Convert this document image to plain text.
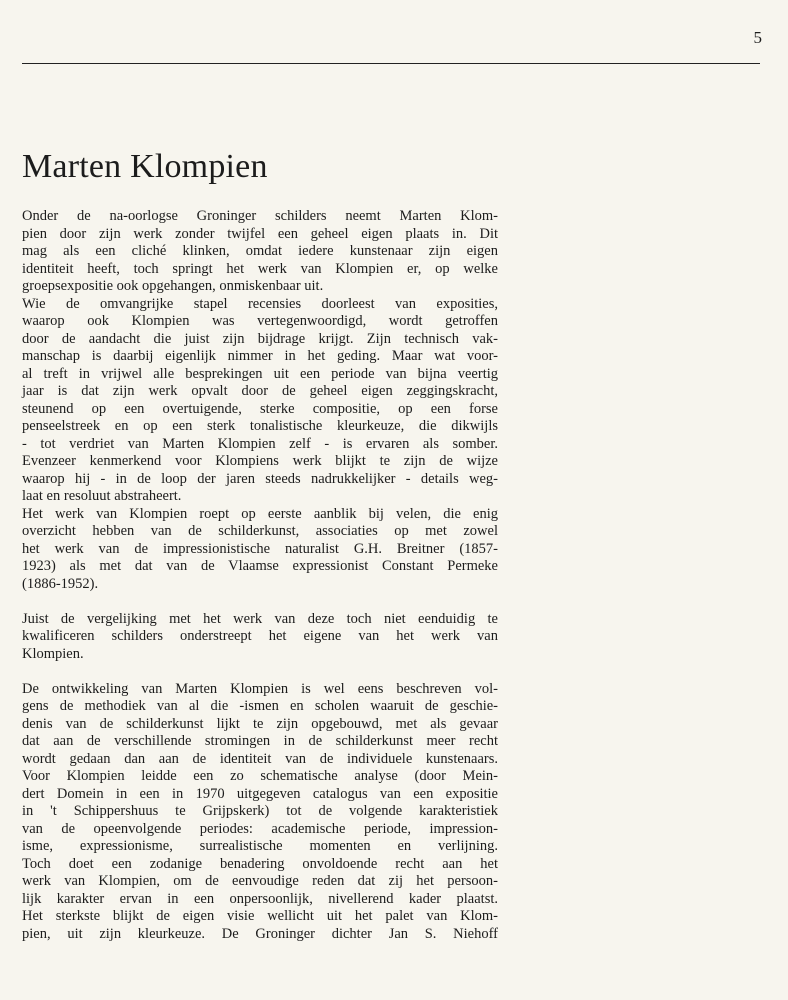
5
Marten Klompien
Onder de na-oorlogse Groninger schilders neemt Marten Klom-
pien door zijn werk zonder twijfel een geheel eigen plaats in. Dit
mag als een cliché klinken, omdat iedere kunstenaar zijn eigen
identiteit heeft, toch springt het werk van Klompien er, op welke
groepsexpositie ook opgehangen, onmiskenbaar uit.
Wie de omvangrijke stapel recensies doorleest van exposities,
waarop ook Klompien was vertegenwoordigd, wordt getroffen
door de aandacht die juist zijn bijdrage krijgt. Zijn technisch vak-
manschap is daarbij eigenlijk nimmer in het geding. Maar wat voor-
al treft in vrijwel alle besprekingen uit een periode van bijna veertig
jaar is dat zijn werk opvalt door de geheel eigen zeggingskracht,
steunend op een overtuigende, sterke compositie, op een forse
penseelstreek en op een sterk tonalistische kleurkeuze, die dikwijls
- tot verdriet van Marten Klompien zelf - is ervaren als somber.
Evenzeer kenmerkend voor Klompiens werk blijkt te zijn de wijze
waarop hij - in de loop der jaren steeds nadrukkelijker - details weg-
laat en resoluut abstraheert.
Het werk van Klompien roept op eerste aanblik bij velen, die enig
overzicht hebben van de schilderkunst, associaties op met zowel
het werk van de impressionistische naturalist G.H. Breitner (1857-
1923) als met dat van de Vlaamse expressionist Constant Permeke
(1886-1952).
Juist de vergelijking met het werk van deze toch niet eenduidig te
kwalificeren schilders onderstreept het eigene van het werk van
Klompien.
De ontwikkeling van Marten Klompien is wel eens beschreven vol-
gens de methodiek van al die -ismen en scholen waaruit de geschie-
denis van de schilderkunst lijkt te zijn opgebouwd, met als gevaar
dat aan de verschillende stromingen in de schilderkunst meer recht
wordt gedaan dan aan de identiteit van de individuele kunstenaars.
Voor Klompien leidde een zo schematische analyse (door Mein-
dert Domein in een in 1970 uitgegeven catalogus van een expositie
in 't Schippershuus te Grijpskerk) tot de volgende karakteristiek
van de opeenvolgende periodes: academische periode, impression-
isme, expressionisme, surrealistische momenten en verlijning.
Toch doet een zodanige benadering onvoldoende recht aan het
werk van Klompien, om de eenvoudige reden dat zij het persoon-
lijk karakter ervan in een onpersoonlijk, nivellerend kader plaatst.
Het sterkste blijkt de eigen visie wellicht uit het palet van Klom-
pien, uit zijn kleurkeuze. De Groninger dichter Jan S. Niehoff
